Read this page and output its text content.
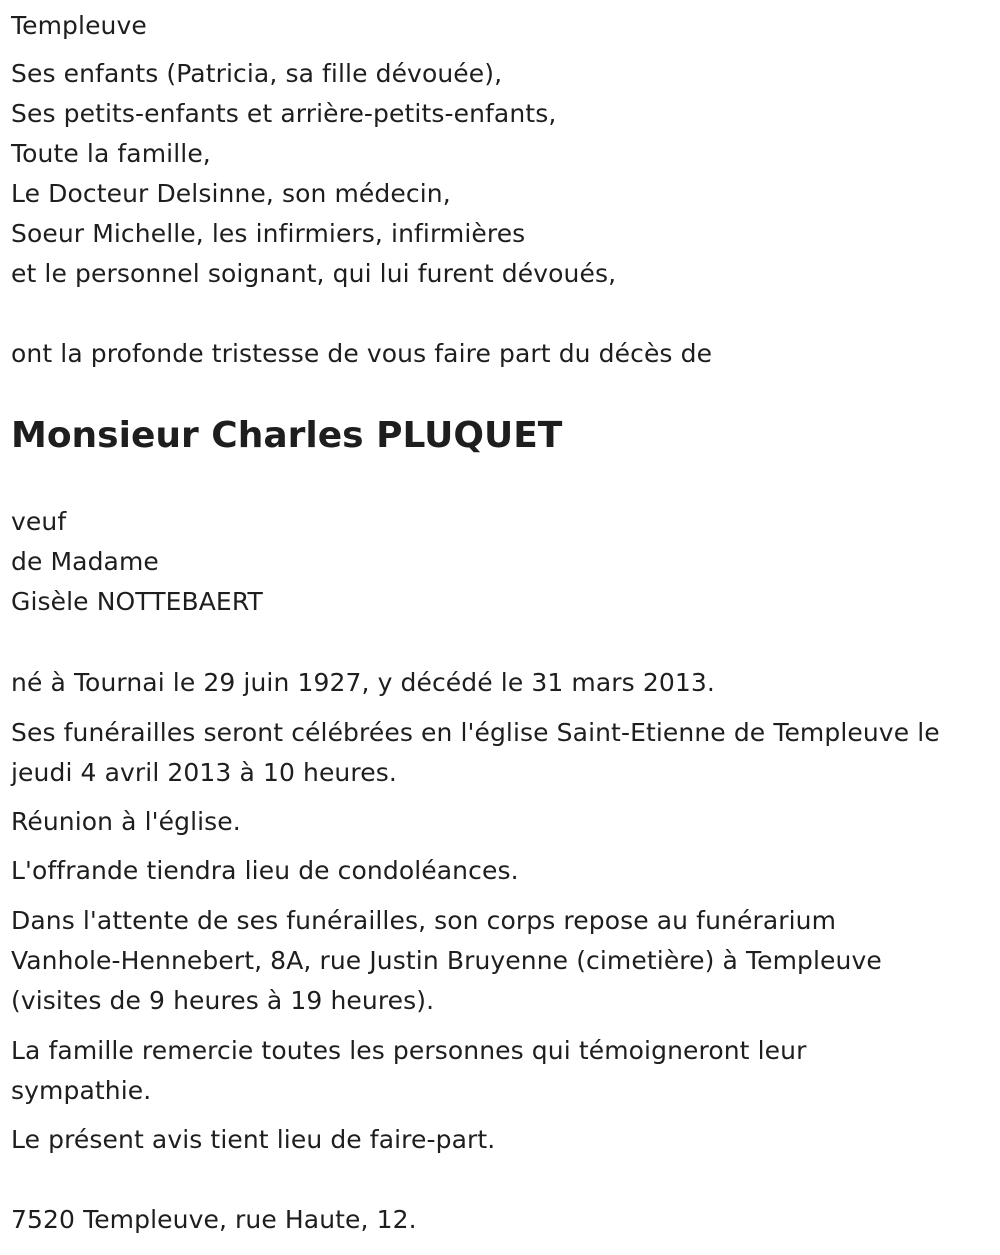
Templeuve
Ses enfants (Patricia, sa fille dévouée),
Ses petits-enfants et arrière-petits-enfants,
Toute la famille,
Le Docteur Delsinne, son médecin,
Soeur Michelle, les infirmiers, infirmières
et le personnel soignant, qui lui furent dévoués,
ont la profonde tristesse de vous faire part du décès de
Monsieur Charles PLUQUET
veuf
de Madame
Gisèle NOTTEBAERT
né à Tournai le 29 juin 1927, y décédé le 31 mars 2013.
Ses funérailles seront célébrées en l'église Saint-Etienne de Templeuve le
jeudi 4 avril 2013 à 10 heures.
Réunion à l'église.
L'offrande tiendra lieu de condoléances.
Dans l'attente de ses funérailles, son corps repose au funérarium
Vanhole-Hennebert, 8A, rue Justin Bruyenne (cimetière) à Templeuve
(visites de 9 heures à 19 heures).
La famille remercie toutes les personnes qui témoigneront leur
sympathie.
Le présent avis tient lieu de faire-part.
7520 Templeuve, rue Haute, 12.
